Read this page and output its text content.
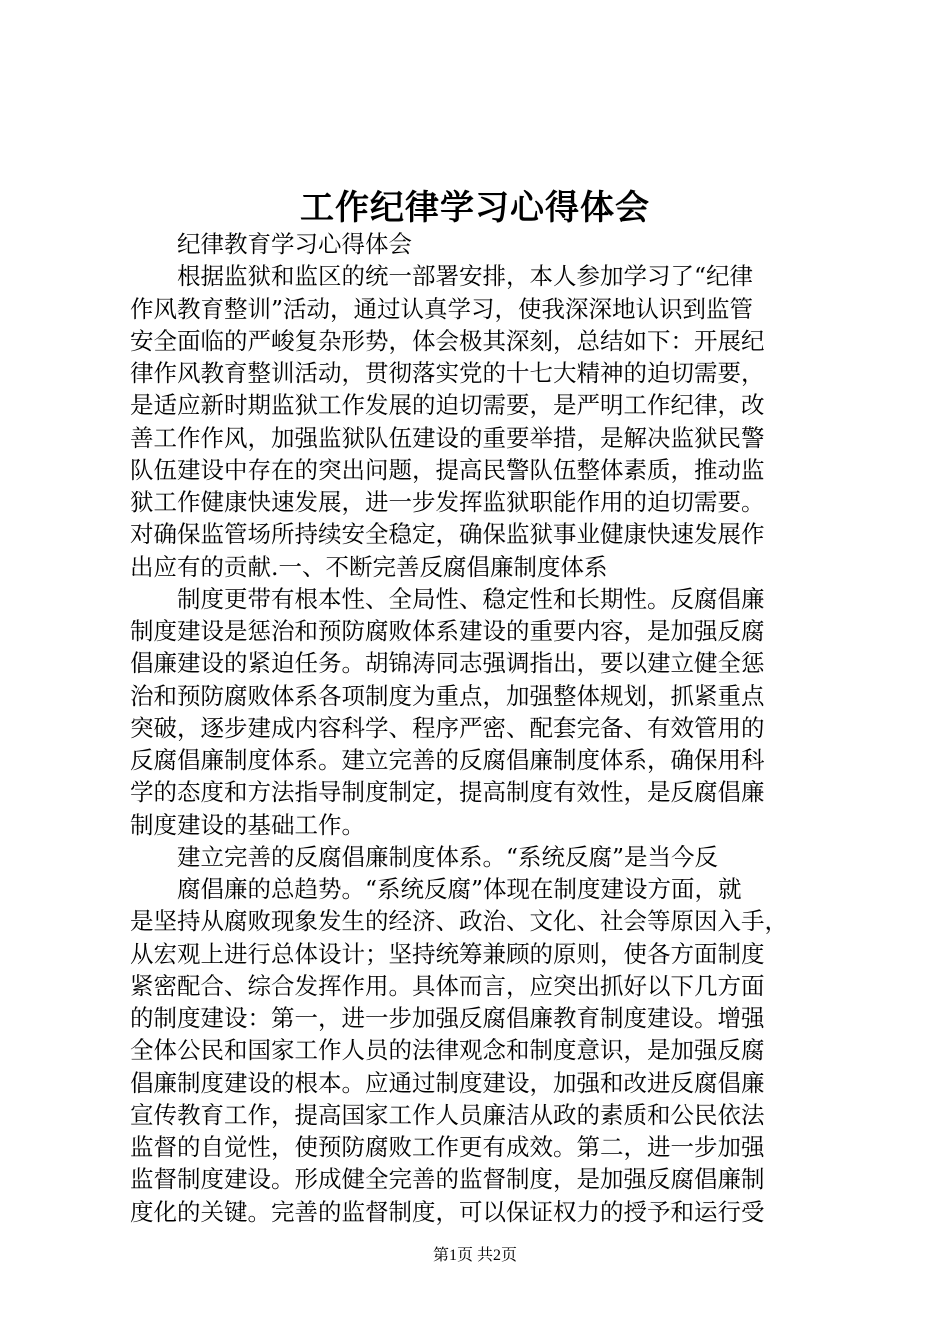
工作纪律学习心得体会
　　纪律教育学习心得体会
　　根据监狱和监区的统一部署安排，本人参加学习了“纪律
作风教育整训”活动，通过认真学习，使我深深地认识到监管
安全面临的严峻复杂形势，体会极其深刻，总结如下：开展纪
律作风教育整训活动，贯彻落实党的十七大精神的迫切需要，
是适应新时期监狱工作发展的迫切需要，是严明工作纪律，改
善工作作风，加强监狱队伍建设的重要举措，是解决监狱民警
队伍建设中存在的突出问题，提高民警队伍整体素质，推动监
狱工作健康快速发展，进一步发挥监狱职能作用的迫切需要。
对确保监管场所持续安全稳定，确保监狱事业健康快速发展作
出应有的贡献.一、不断完善反腐倡廉制度体系
　　制度更带有根本性、全局性、稳定性和长期性。反腐倡廉
制度建设是惩治和预防腐败体系建设的重要内容，是加强反腐
倡廉建设的紧迫任务。胡锦涛同志强调指出，要以建立健全惩
治和预防腐败体系各项制度为重点，加强整体规划，抓紧重点
突破，逐步建成内容科学、程序严密、配套完备、有效管用的
反腐倡廉制度体系。建立完善的反腐倡廉制度体系，确保用科
学的态度和方法指导制度制定，提高制度有效性，是反腐倡廉
制度建设的基础工作。
　　建立完善的反腐倡廉制度体系。“系统反腐”是当今反
　　腐倡廉的总趋势。“系统反腐”体现在制度建设方面，就
是坚持从腐败现象发生的经济、政治、文化、社会等原因入手，
从宏观上进行总体设计；坚持统筹兼顾的原则，使各方面制度
紧密配合、综合发挥作用。具体而言，应突出抓好以下几方面
的制度建设：第一，进一步加强反腐倡廉教育制度建设。增强
全体公民和国家工作人员的法律观念和制度意识，是加强反腐
倡廉制度建设的根本。应通过制度建设，加强和改进反腐倡廉
宣传教育工作，提高国家工作人员廉洁从政的素质和公民依法
监督的自觉性，使预防腐败工作更有成效。第二，进一步加强
监督制度建设。形成健全完善的监督制度，是加强反腐倡廉制
度化的关键。完善的监督制度，可以保证权力的授予和运行受
第1页 共2页
